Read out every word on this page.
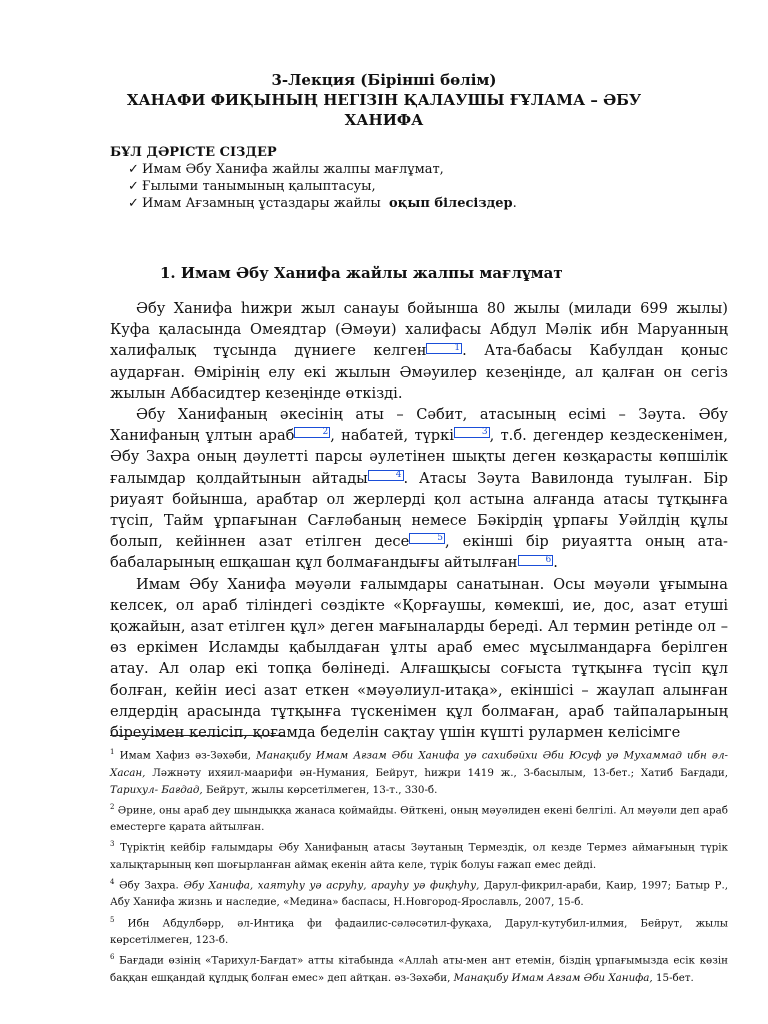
3-Лекция (Бірінші бөлім)
ХАНАФИ ФИҚЫНЫҢ НЕГІЗІН ҚАЛАУШЫ ҒҰЛАМА – ӘБУ
ХАНИФА
БҰЛ ДӘРІСТЕ СІЗДЕР
✓ Имам Әбу Ханифа жайлы жалпы мағлұмат,
✓ Ғылыми танымының қалыптасуы,
✓ Имам Ағзамның ұстаздары жайлы  оқып білесіздер.
1. Имам Әбу Ханифа жайлы жалпы мағлұмат

Әбу Ханифа һижри жыл санауы бойынша 80 жылы (милади 699 жылы) Куфа қаласында Омеядтар (Әмәуи) халифасы Абдул Мәлік ибн Маруанның халифалық тұсында дүниеге келген	1 . Ата-бабасы Кабулдан қоныс аударған. Өмірінің елу екі жылын Әмәуилер кезеңінде, ал қалған он сегіз жылын Аббасидтер кезеңінде өткізді.

Әбу Ханифаның әкесінің аты – Сәбит, атасының есімі – Зәута. Әбу Ханифаның ұлтын араб	2 , набатей, түркі	3 , т.б. дегендер кездескенімен, Әбу Захра оның дәулетті парсы әулетінен шықты деген көзқарасты көпшілік ғалымдар қолдайтынын айтады	4 . Атасы Зәута Вавилонда туылған. Бір риуаят бойынша, арабтар ол жерлерді қол астына алғанда атасы тұтқынға түсіп, Тайм ұрпағынан Сағләбаның немесе Бәкірдің ұрпағы Уәйлдің құлы болып, кейіннен азат етілген десе	5 , екінші бір риуаятта оның ата-бабаларының ешқашан құл болмағандығы айтылған	6 .

Имам Әбу Ханифа мәуәли ғалымдары санатынан. Осы мәуәли ұғымына келсек, ол араб тіліндегі сөздікте «Қорғаушы, көмекші, ие, дос, азат етуші қожайын, азат етілген құл» деген мағыналарды береді. Ал термин ретінде ол – өз еркімен Исламды қабылдаған ұлты араб емес мұсылмандарға берілген атау. Ал олар екі топқа бөлінеді. Алғашқысы соғыста тұтқынға түсіп құл болған, кейін иесі азат еткен «мәуәлиул-итақа», екіншісі – жаулап алынған елдердің арасында тұтқынға түскенімен құл болмаған, араб тайпаларының біреуімен келісіп, қоғамда беделін сақтау үшін күшті рулармен келісімге

$^1$ Имам Хафиз әз-Зәхәби, Манақибу Имам Ағзам Әби Ханифа уә сахибәйхи Әби Юсуф уә Мухаммад ибн әл-Хасан, Ләжнәту ихяил-маарифи ән-Нумания, Бейрут, һижри 1419 ж., 3-басылым, 13-бет.; Хатиб Бағдади, Тарихул- Бағдад, Бейрут, жылы көрсетілмеген, 13-т., 330-б.

$^2$ Әрине, оны араб деу шындыққа жанаса қоймайды. Өйткені, оның мәуәлиден екені белгілі. Ал мәуәли деп араб еместерге қарата айтылған.

$^3$ Түріктің кейбір ғалымдары Әбу Ханифаның атасы Зәутаның Термездік, ол кезде Термез аймағының түрік халықтарының көп шоғырланған аймақ екенін айта келе, түрік болуы ғажап емес дейді.

$^4$ Әбу Захра. Әбу Ханифа, хаятуһу уә асруһу, арауһу уә фиқһуһу, Дарул-фикрил-араби, Каир, 1997; Батыр Р., Абу Ханифа жизнь и наследие, «Медина» баспасы, Н.Новгород-Ярославль, 2007, 15-б.

$^5$ Ибн Абдулбәрр, әл-Интиқа фи фадаилис-сәләсәтил-фуқаха, Дарул-кутубил-илмия, Бейрут, жылы көрсетілмеген, 123-б.

$^6$ Бағдади өзінің «Тарихул-Бағдат» атты кітабында «Аллаһ аты-мен ант етемін, біздің ұрпағымызда есік көзін баққан ешқандай құлдық болған емес» деп айтқан. әз-Зәхәби, Манақибу Имам Ағзам Әби Ханифа, 15-бет.
